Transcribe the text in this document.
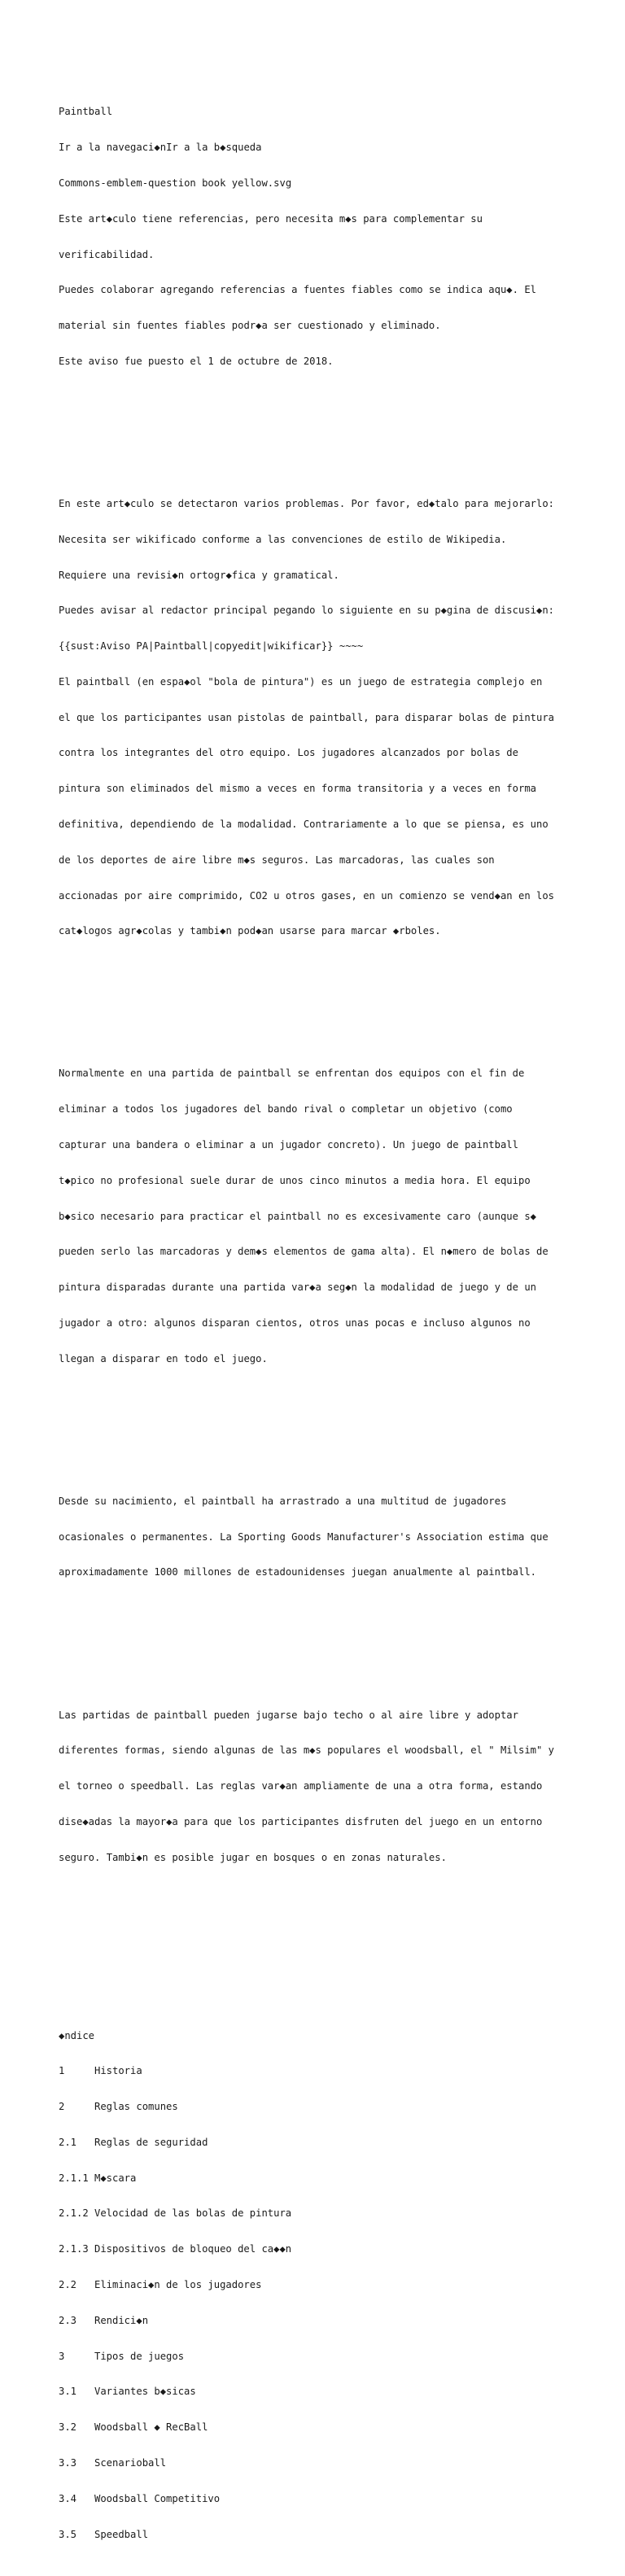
Paintball

Ir a la navegaci◆nIr a la b◆squeda

Commons-emblem-question book yellow.svg

Este art◆culo tiene referencias, pero necesita m◆s para complementar su

verificabilidad.

Puedes colaborar agregando referencias a fuentes fiables como se indica aqu◆. El

material sin fuentes fiables podr◆a ser cuestionado y eliminado.

Este aviso fue puesto el 1 de octubre de 2018.

En este art◆culo se detectaron varios problemas. Por favor, ed◆talo para mejorarlo:

Necesita ser wikificado conforme a las convenciones de estilo de Wikipedia.

Requiere una revisi◆n ortogr◆fica y gramatical.

Puedes avisar al redactor principal pegando lo siguiente en su p◆gina de discusi◆n:

{{sust:Aviso PA|Paintball|copyedit|wikificar}} ~~~~

El paintball (en espa◆ol "bola de pintura") es un juego de estrategia complejo en

el que los participantes usan pistolas de paintball, para disparar bolas de pintura

contra los integrantes del otro equipo. Los jugadores alcanzados por bolas de

pintura son eliminados del mismo a veces en forma transitoria y a veces en forma

definitiva, dependiendo de la modalidad. Contrariamente a lo que se piensa, es uno

de los deportes de aire libre m◆s seguros. Las marcadoras, las cuales son

accionadas por aire comprimido, CO2 u otros gases, en un comienzo se vend◆an en los

cat◆logos agr◆colas y tambi◆n pod◆an usarse para marcar ◆rboles.

Normalmente en una partida de paintball se enfrentan dos equipos con el fin de

eliminar a todos los jugadores del bando rival o completar un objetivo (como

capturar una bandera o eliminar a un jugador concreto). Un juego de paintball

t◆pico no profesional suele durar de unos cinco minutos a media hora. El equipo

b◆sico necesario para practicar el paintball no es excesivamente caro (aunque s◆

pueden serlo las marcadoras y dem◆s elementos de gama alta). El n◆mero de bolas de

pintura disparadas durante una partida var◆a seg◆n la modalidad de juego y de un

jugador a otro: algunos disparan cientos, otros unas pocas e incluso algunos no

llegan a disparar en todo el juego.

Desde su nacimiento, el paintball ha arrastrado a una multitud de jugadores

ocasionales o permanentes. La Sporting Goods Manufacturer's Association estima que

aproximadamente 1000 millones de estadounidenses juegan anualmente al paintball.

Las partidas de paintball pueden jugarse bajo techo o al aire libre y adoptar

diferentes formas, siendo algunas de las m◆s populares el woodsball, el " Milsim" y

el torneo o speedball. Las reglas var◆an ampliamente de una a otra forma, estando

dise◆adas la mayor◆a para que los participantes disfruten del juego en un entorno

seguro. Tambi◆n es posible jugar en bosques o en zonas naturales.

◆ndice

1	Historia

2	Reglas comunes

2.1 Reglas de seguridad

2.1.1 M◆scara

2.1.2 Velocidad de las bolas de pintura

2.1.3 Dispositivos de bloqueo del ca◆◆n

2.2 Eliminaci◆n de los jugadores

2.3 Rendici◆n

3	Tipos de juegos

3.1 Variantes b◆sicas

3.2 Woodsball ◆ RecBall

3.3 Scenarioball

3.4 Woodsball Competitivo

3.5 Speedball
